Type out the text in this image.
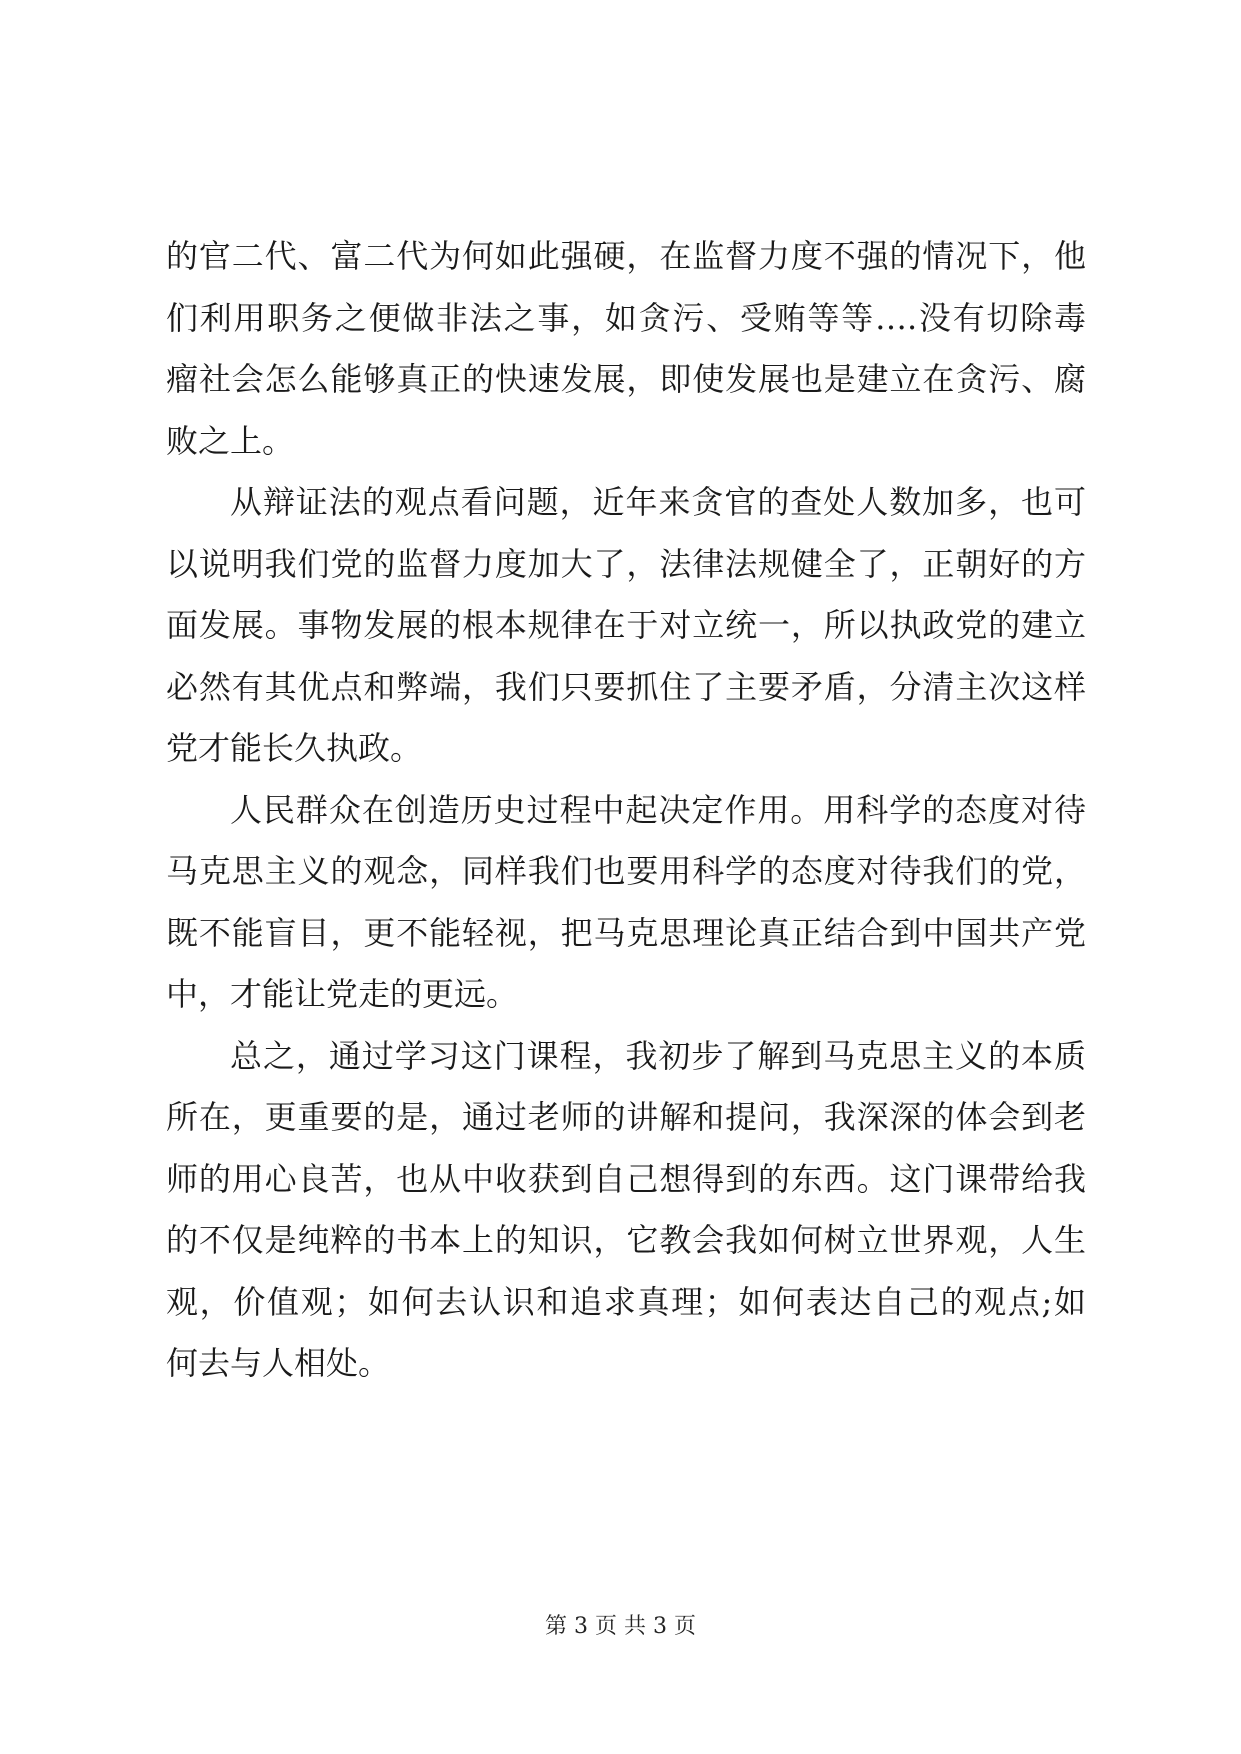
的官二代、富二代为何如此强硬，在监督力度不强的情况下，他
们利用职务之便做非法之事，如贪污、受贿等等….没有切除毒
瘤社会怎么能够真正的快速发展，即使发展也是建立在贪污、腐
败之上。
从辩证法的观点看问题，近年来贪官的查处人数加多，也可
以说明我们党的监督力度加大了，法律法规健全了，正朝好的方
面发展。事物发展的根本规律在于对立统一，所以执政党的建立
必然有其优点和弊端，我们只要抓住了主要矛盾，分清主次这样
党才能长久执政。
人民群众在创造历史过程中起决定作用。用科学的态度对待
马克思主义的观念，同样我们也要用科学的态度对待我们的党，
既不能盲目，更不能轻视，把马克思理论真正结合到中国共产党
中，才能让党走的更远。
总之，通过学习这门课程，我初步了解到马克思主义的本质
所在，更重要的是，通过老师的讲解和提问，我深深的体会到老
师的用心良苦，也从中收获到自己想得到的东西。这门课带给我
的不仅是纯粹的书本上的知识，它教会我如何树立世界观，人生
观，价值观；如何去认识和追求真理；如何表达自己的观点;如
何去与人相处。
第 3 页 共 3 页
